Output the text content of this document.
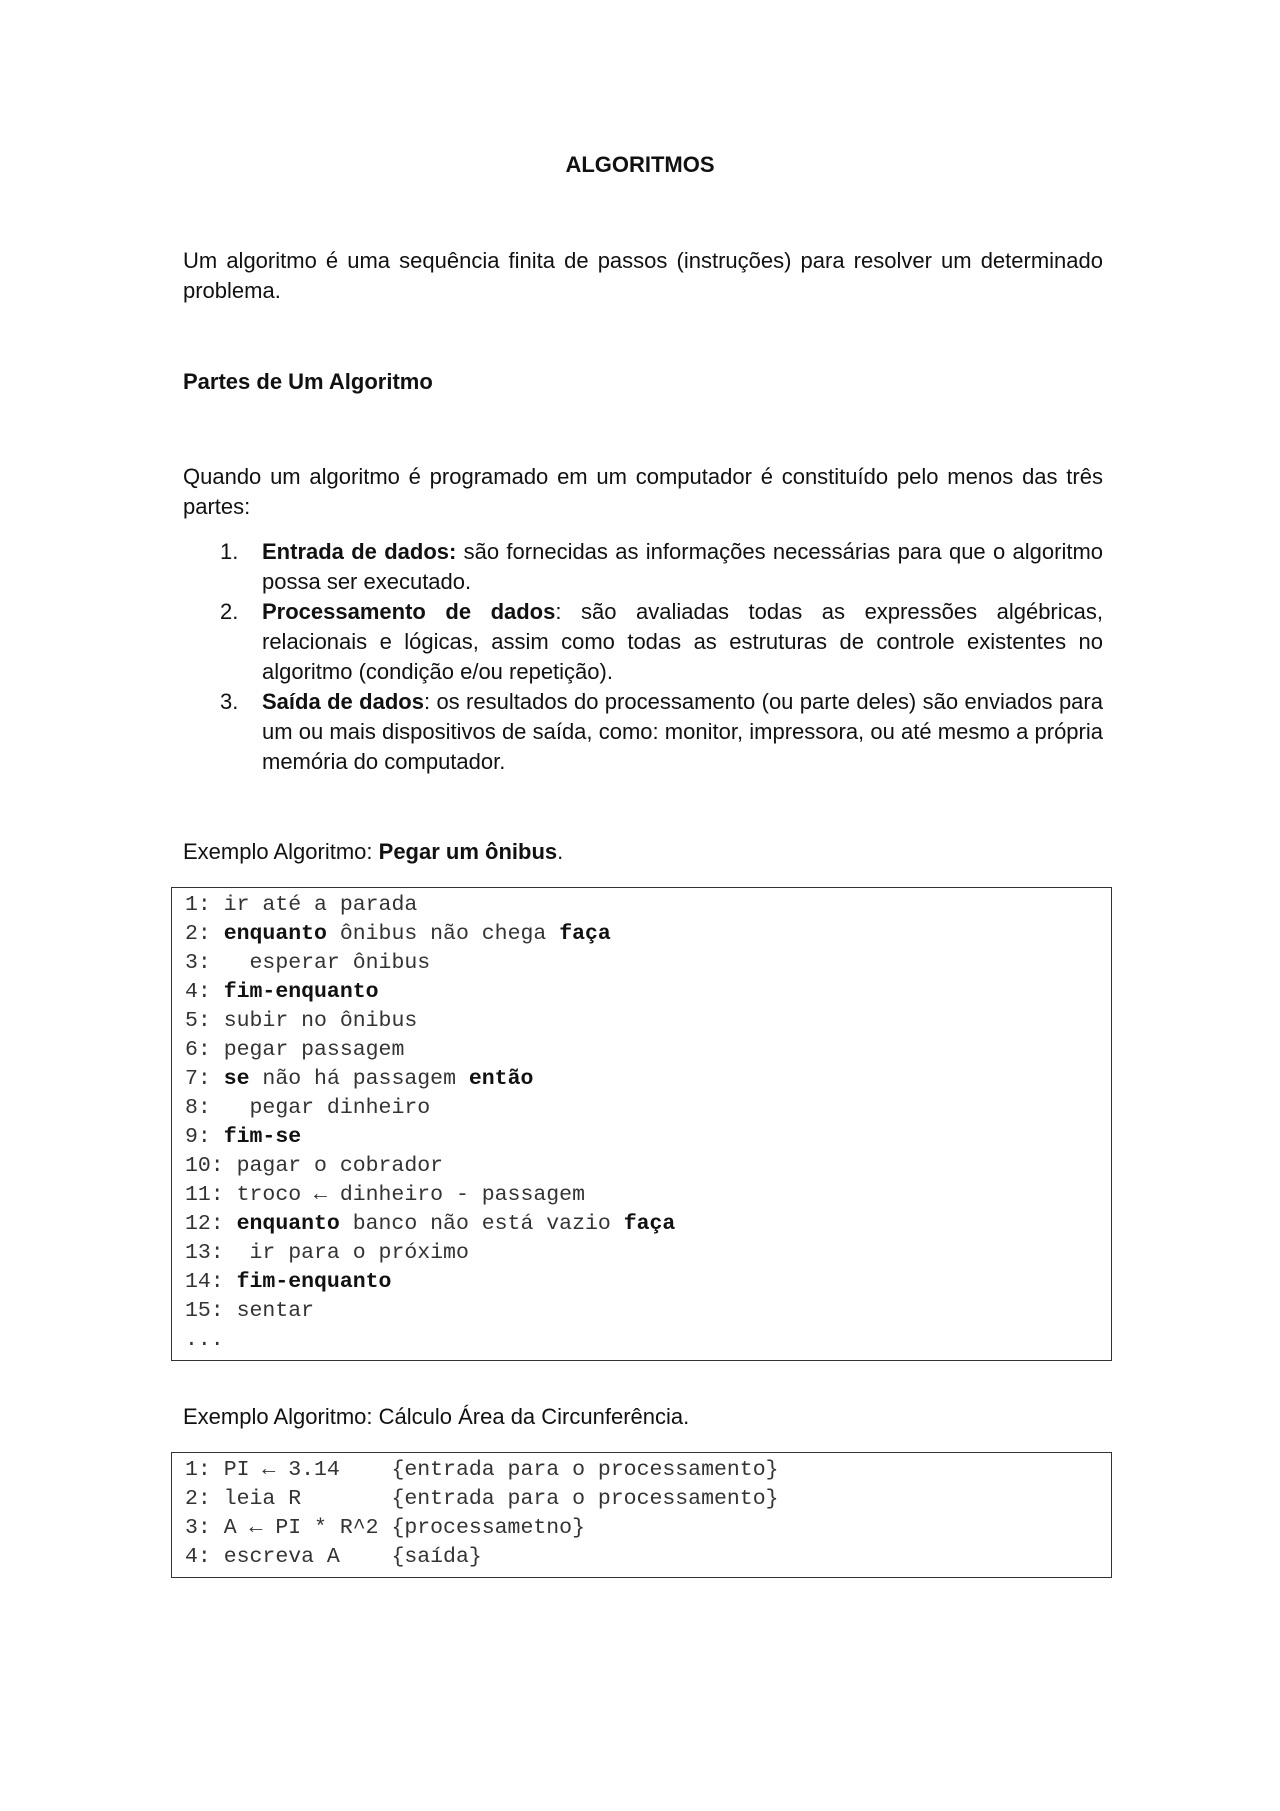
ALGORITMOS
Um algoritmo é uma sequência finita de passos (instruções) para resolver um determinado problema.
Partes de Um Algoritmo
Quando um algoritmo é programado em um computador é constituído pelo menos das três partes:
1. Entrada de dados: são fornecidas as informações necessárias para que o algoritmo possa ser executado.
2. Processamento de dados: são avaliadas todas as expressões algébricas, relacionais e lógicas, assim como todas as estruturas de controle existentes no algoritmo (condição e/ou repetição).
3. Saída de dados: os resultados do processamento (ou parte deles) são enviados para um ou mais dispositivos de saída, como: monitor, impressora, ou até mesmo a própria memória do computador.
Exemplo Algoritmo: Pegar um ônibus.
1: ir até a parada
2: enquanto ônibus não chega faça
3:   esperar ônibus
4: fim-enquanto
5: subir no ônibus
6: pegar passagem
7: se não há passagem então
8:   pegar dinheiro
9: fim-se
10: pagar o cobrador
11: troco ← dinheiro - passagem
12: enquanto banco não está vazio faça
13:  ir para o próximo
14: fim-enquanto
15: sentar
...
Exemplo Algoritmo: Cálculo Área da Circunferência.
1: PI ← 3.14    {entrada para o processamento}
2: leia R       {entrada para o processamento}
3: A ← PI * R^2 {processametno}
4: escreva A    {saída}
